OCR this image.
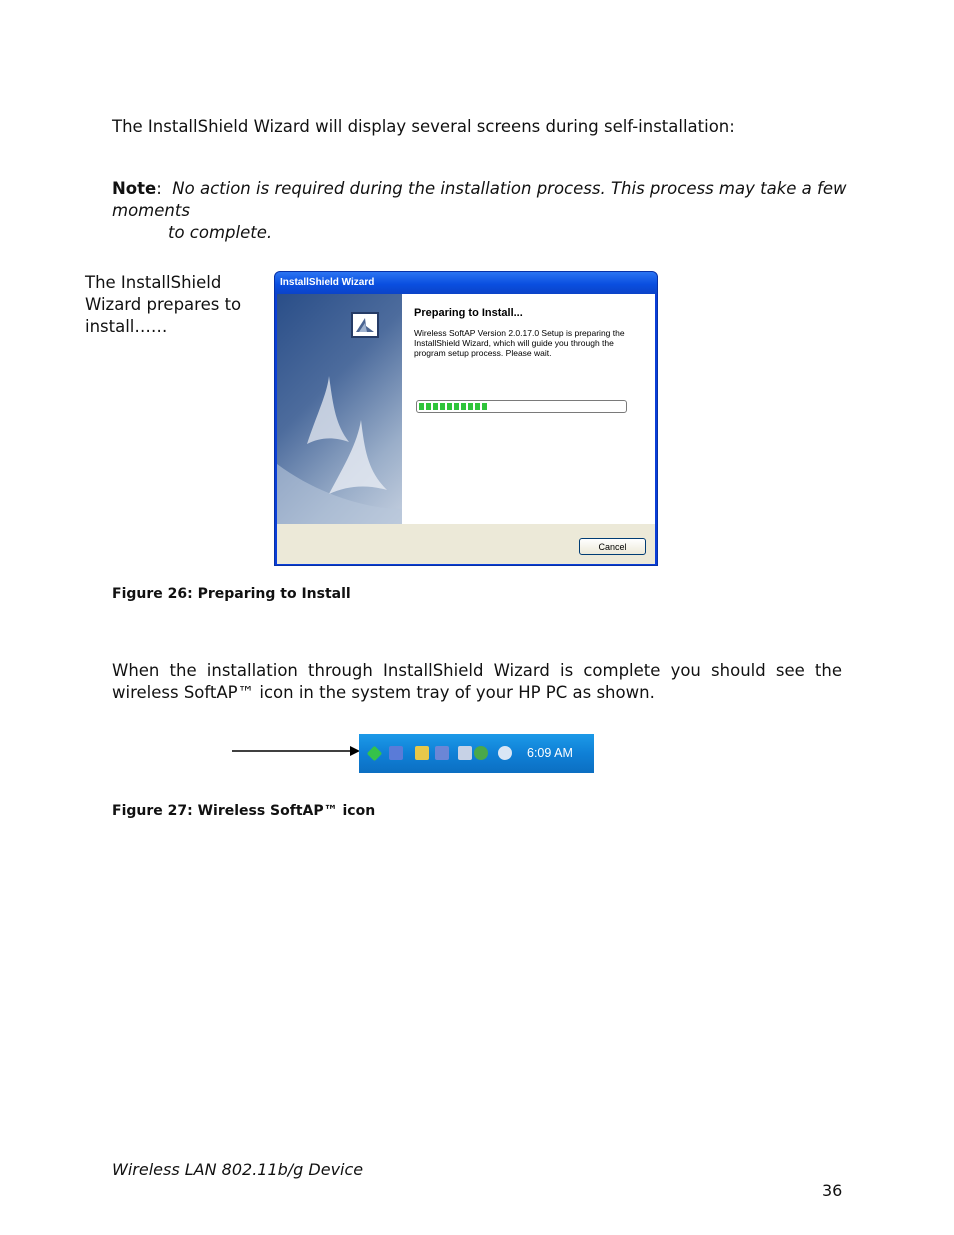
The InstallShield Wizard will display several screens during self-installation:
Note:  No action is required during the installation process. This process may take a few moments
to complete.
The InstallShield Wizard prepares to install……
InstallShield Wizard
Preparing to Install...
Wireless SoftAP Version 2.0.17.0 Setup is preparing the InstallShield Wizard, which will guide you through the program setup process. Please wait.
Cancel
Figure 26: Preparing to Install
When the installation through InstallShield Wizard is complete you should see the wireless SoftAP™ icon in the system tray of your HP PC as shown.
6:09 AM
Figure 27: Wireless SoftAP™ icon
Wireless LAN 802.11b/g Device
36
